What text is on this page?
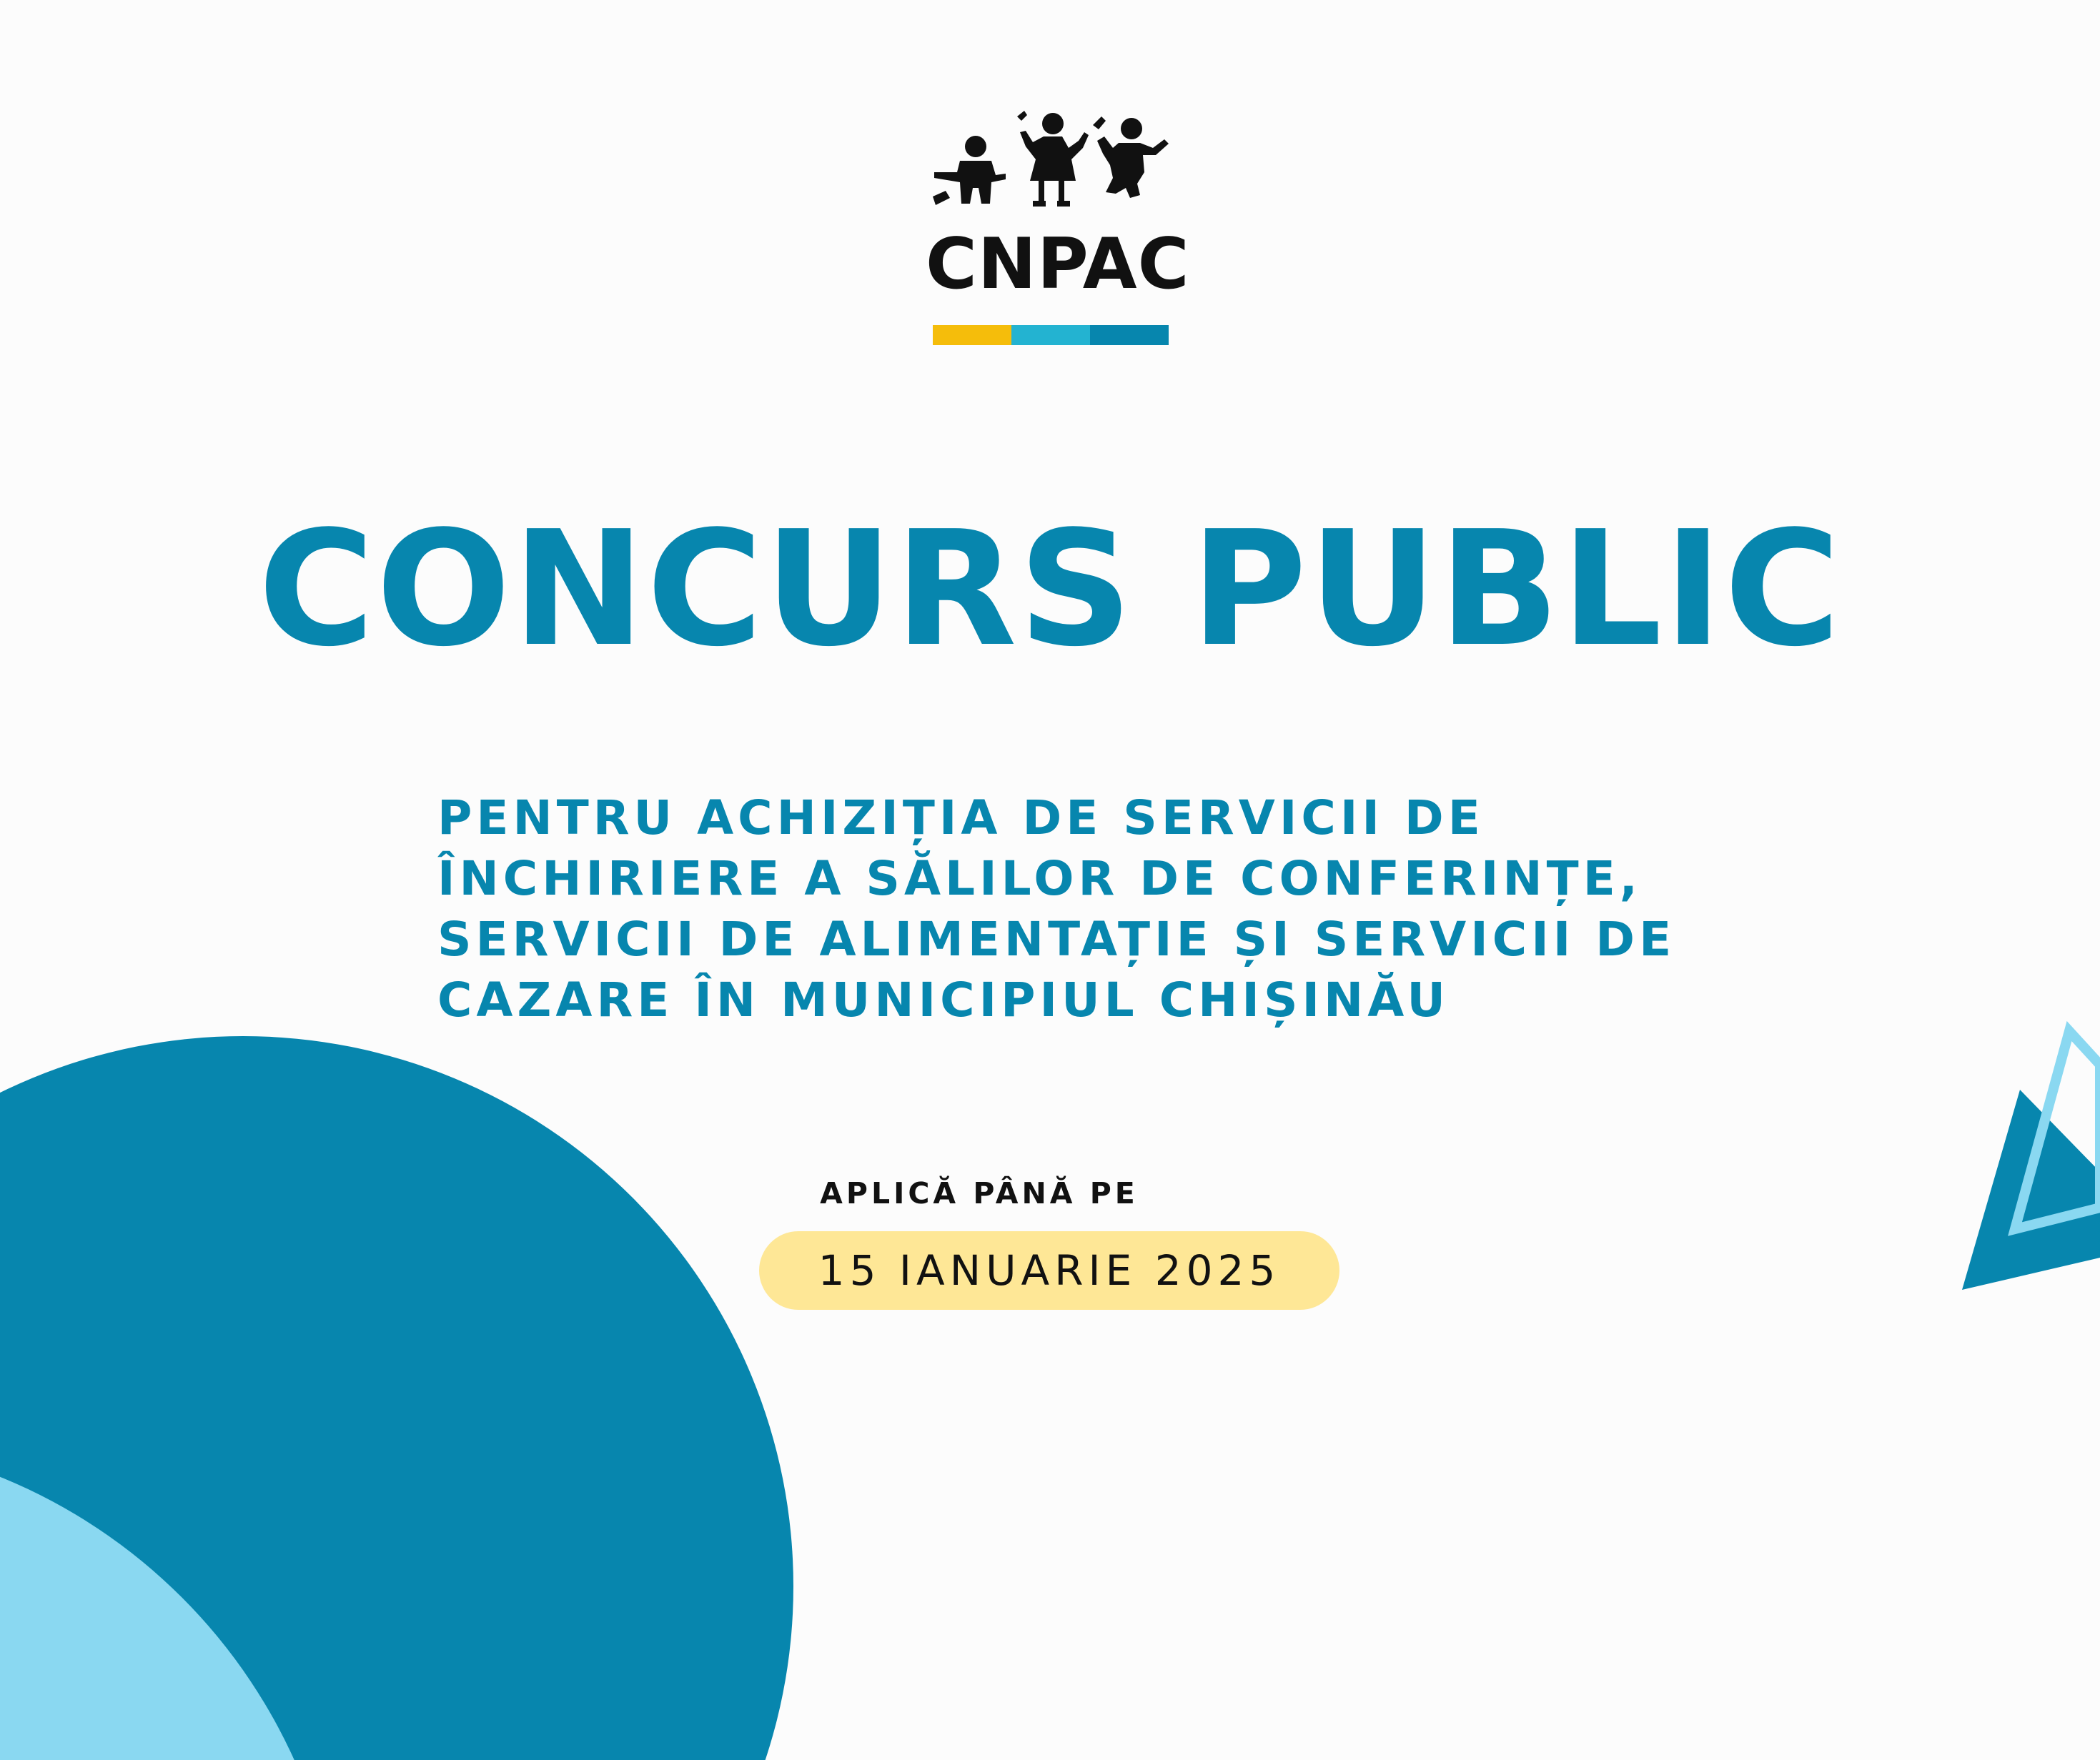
CNPAC
CONCURS PUBLIC
PENTRU ACHIZIȚIA DE SERVICII DE
ÎNCHIRIERE A SĂLILOR DE CONFERINȚE,
SERVICII DE ALIMENTAȚIE ȘI SERVICII DE
CAZARE ÎN MUNICIPIUL CHIȘINĂU
APLICĂ PÂNĂ PE
15 IANUARIE 2025
